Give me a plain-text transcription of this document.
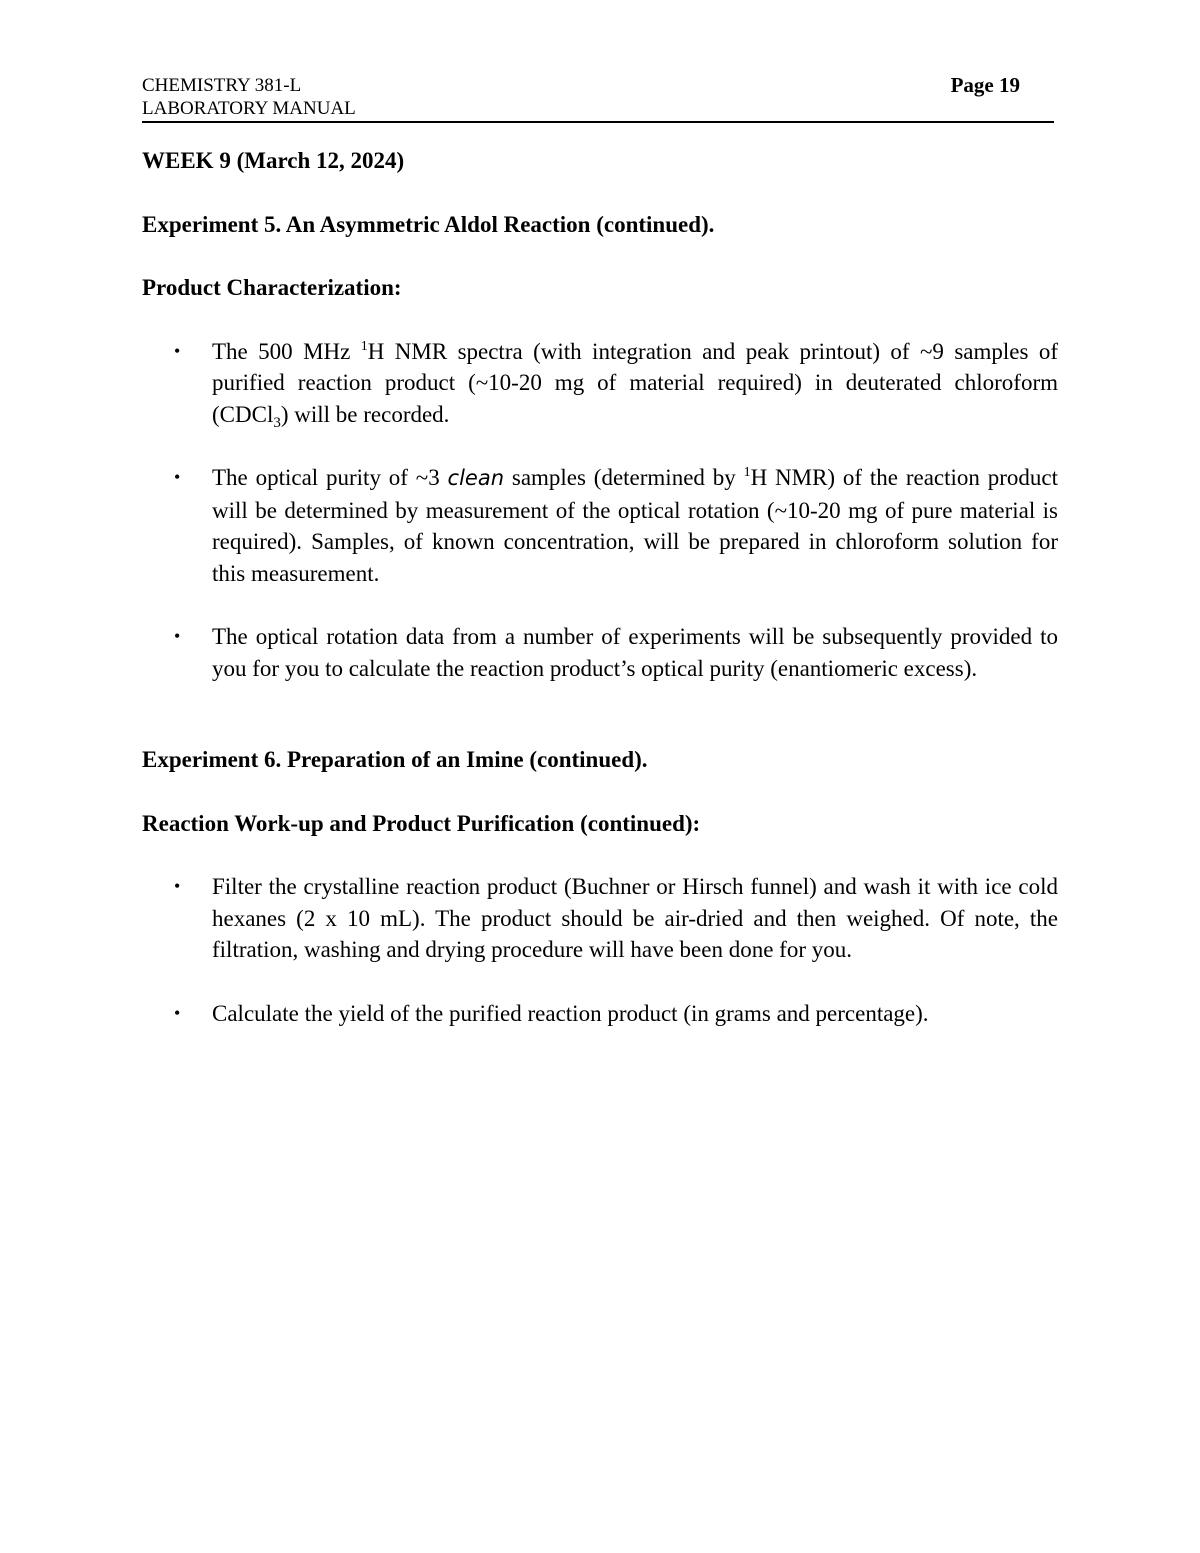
CHEMISTRY 381-L	Page 19
LABORATORY MANUAL
WEEK 9 (March 12, 2024)
Experiment 5. An Asymmetric Aldol Reaction (continued).
Product Characterization:
• The 500 MHz $^1$H NMR spectra (with integration and peak printout) of ~9 samples of purified reaction product (~10-20 mg of material required) in deuterated chloroform (CDCl$_3$) will be recorded.
• The optical purity of ~3 clean samples (determined by $^1$H NMR) of the reaction product will be determined by measurement of the optical rotation (~10-20 mg of pure material is required). Samples, of known concentration, will be prepared in chloroform solution for this measurement.
• The optical rotation data from a number of experiments will be subsequently provided to you for you to calculate the reaction product’s optical purity (enantiomeric excess).
Experiment 6. Preparation of an Imine (continued).
Reaction Work-up and Product Purification (continued):
• Filter the crystalline reaction product (Buchner or Hirsch funnel) and wash it with ice cold hexanes (2 x 10 mL). The product should be air-dried and then weighed. Of note, the filtration, washing and drying procedure will have been done for you.
• Calculate the yield of the purified reaction product (in grams and percentage).
